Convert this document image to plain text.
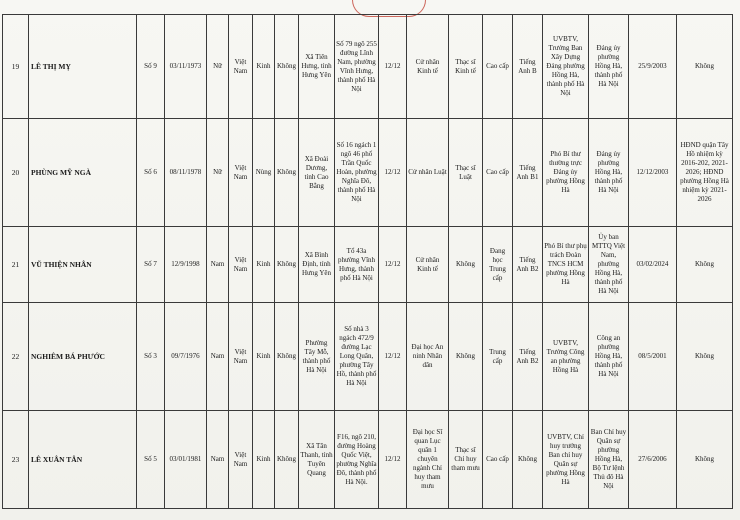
19	LÊ THỊ MỴ	Số 9	03/11/1973	Nữ	Việt Nam	Kinh	Không	Xã Tiên Hưng, tỉnh Hưng Yên	Số 79 ngõ 255 đường Lĩnh Nam, phường Vĩnh Hưng, thành phố Hà Nội	12/12	Cử nhân Kinh tế	Thạc sĩ Kinh tế	Cao cấp	Tiếng Anh B	UVBTV, Trưởng Ban Xây Dựng Đảng phường Hồng Hà, thành phố Hà Nội	Đảng ủy phường Hồng Hà, thành phố Hà Nội	25/9/2003	Không
20	PHÙNG MỸ NGÀ	Số 6	08/11/1978	Nữ	Việt Nam	Nùng	Không	Xã Đoài Dương, tỉnh Cao Bằng	Số 16 ngách 1 ngõ 46 phố Trần Quốc Hoàn, phường Nghĩa Đô, thành phố Hà Nội	12/12	Cử nhân Luật	Thạc sĩ Luật	Cao cấp	Tiếng Anh B1	Phó Bí thư thường trực Đảng ủy phường Hồng Hà	Đảng ủy phường Hồng Hà, thành phố Hà Nội	12/12/2003	HĐND quận Tây Hồ nhiệm kỳ 2016-202, 2021-2026; HĐND phường Hồng Hà nhiệm kỳ 2021-2026
21	VŨ THIỆN NHÂN	Số 7	12/9/1998	Nam	Việt Nam	Kinh	Không	Xã Bình Định, tỉnh Hưng Yên	Tổ 43a phường Vĩnh Hưng, thành phố Hà Nội	12/12	Cử nhân Kinh tế	Không	Đang học Trung cấp	Tiếng Anh B2	Phó Bí thư phụ trách Đoàn TNCS HCM phường Hồng Hà	Ủy ban MTTQ Việt Nam, phường Hồng Hà, thành phố Hà Nội	03/02/2024	Không
22	NGHIÊM BÁ PHƯỚC	Số 3	09/7/1976	Nam	Việt Nam	Kinh	Không	Phường Tây Mỗ, thành phố Hà Nội	Số nhà 3 ngách 472/9 đường Lạc Long Quân, phường Tây Hồ, thành phố Hà Nội	12/12	Đại học An ninh Nhân dân	Không	Trung cấp	Tiếng Anh B2	UVBTV, Trưởng Công an phường Hồng Hà	Công an phường Hồng Hà, thành phố Hà Nội	08/5/2001	Không
23	LÊ XUÂN TÂN	Số 5	03/01/1981	Nam	Việt Nam	Kinh	Không	Xã Tân Thanh, tỉnh Tuyên Quang	F16, ngõ 210, đường Hoàng Quốc Việt, phường Nghĩa Đô, thành phố Hà Nội.	12/12	Đại học Sĩ quan Lục quân 1 chuyên ngành Chỉ huy tham mưu	Thạc sĩ Chỉ huy tham mưu	Cao cấp	Không	UVBTV, Chỉ huy trưởng Ban chỉ huy Quân sự phường Hồng Hà	Ban Chỉ huy Quân sự phường Hồng Hà, Bộ Tư lệnh Thủ đô Hà Nội	27/6/2006	Không
